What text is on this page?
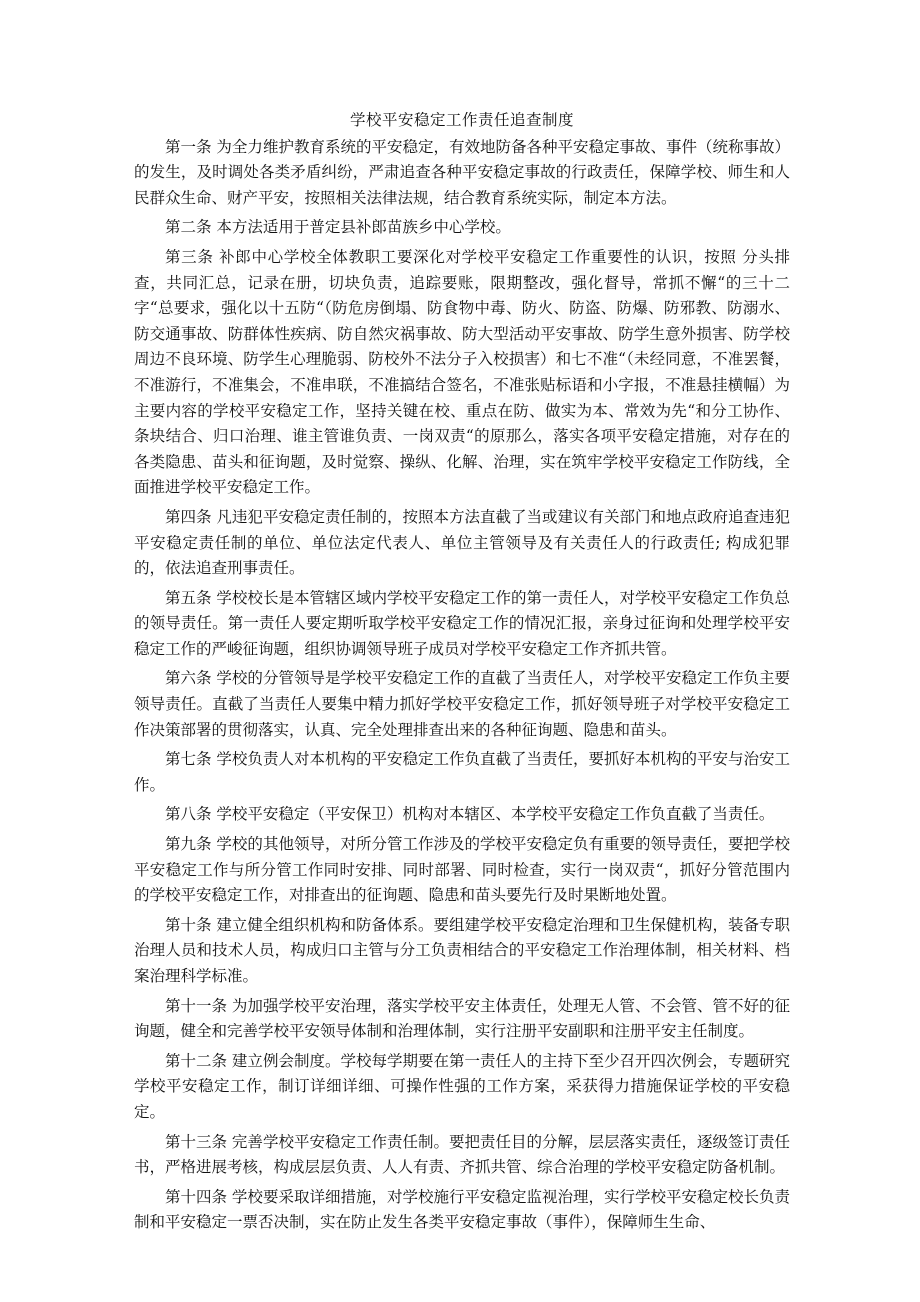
学校平安稳定工作责任追查制度

第一条 为全力维护教育系统的平安稳定，有效地防备各种平安稳定事故、事件（统称事故）的发生，及时调处各类矛盾纠纷，严肃追查各种平安稳定事故的行政责任，保障学校、师生和人民群众生命、财产平安，按照相关法律法规，结合教育系统实际，制定本方法。

第二条 本方法适用于普定县补郎苗族乡中心学校。

第三条 补郎中心学校全体教职工要深化对学校平安稳定工作重要性的认识，按照 分头排查，共同汇总，记录在册，切块负责，追踪要账，限期整改，强化督导，常抓不懈“的三十二字“总要求，强化以十五防“（防危房倒塌、防食物中毒、防火、防盗、防爆、防邪教、防溺水、防交通事故、防群体性疾病、防自然灾祸事故、防大型活动平安事故、防学生意外损害、防学校周边不良环境、防学生心理脆弱、防校外不法分子入校损害）和七不准“（未经同意，不准罢餐，不准游行，不准集会，不准串联，不准搞结合签名，不准张贴标语和小字报，不准悬挂横幅）为主要内容的学校平安稳定工作，坚持关键在校、重点在防、做实为本、常效为先“和分工协作、条块结合、归口治理、谁主管谁负责、一岗双责“的原那么，落实各项平安稳定措施，对存在的各类隐患、苗头和征询题，及时觉察、操纵、化解、治理，实在筑牢学校平安稳定工作防线，全面推进学校平安稳定工作。

第四条 凡违犯平安稳定责任制的，按照本方法直截了当或建议有关部门和地点政府追查违犯平安稳定责任制的单位、单位法定代表人、单位主管领导及有关责任人的行政责任; 构成犯罪的，依法追查刑事责任。

第五条 学校校长是本管辖区域内学校平安稳定工作的第一责任人，对学校平安稳定工作负总的领导责任。第一责任人要定期听取学校平安稳定工作的情况汇报，亲身过征询和处理学校平安稳定工作的严峻征询题，组织协调领导班子成员对学校平安稳定工作齐抓共管。

第六条 学校的分管领导是学校平安稳定工作的直截了当责任人，对学校平安稳定工作负主要领导责任。直截了当责任人要集中精力抓好学校平安稳定工作，抓好领导班子对学校平安稳定工作决策部署的贯彻落实，认真、完全处理排查出来的各种征询题、隐患和苗头。

第七条 学校负责人对本机构的平安稳定工作负直截了当责任，要抓好本机构的平安与治安工作。

第八条 学校平安稳定（平安保卫）机构对本辖区、本学校平安稳定工作负直截了当责任。

第九条 学校的其他领导，对所分管工作涉及的学校平安稳定负有重要的领导责任，要把学校平安稳定工作与所分管工作同时安排、同时部署、同时检查，实行一岗双责“，抓好分管范围内的学校平安稳定工作，对排查出的征询题、隐患和苗头要先行及时果断地处置。

第十条 建立健全组织机构和防备体系。要组建学校平安稳定治理和卫生保健机构，装备专职治理人员和技术人员，构成归口主管与分工负责相结合的平安稳定工作治理体制，相关材料、档案治理科学标准。

第十一条 为加强学校平安治理，落实学校平安主体责任，处理无人管、不会管、管不好的征询题，健全和完善学校平安领导体制和治理体制，实行注册平安副职和注册平安主任制度。

第十二条 建立例会制度。学校每学期要在第一责任人的主持下至少召开四次例会，专题研究学校平安稳定工作，制订详细详细、可操作性强的工作方案，采获得力措施保证学校的平安稳定。

第十三条 完善学校平安稳定工作责任制。要把责任目的分解，层层落实责任，逐级签订责任书，严格进展考核，构成层层负责、人人有责、齐抓共管、综合治理的学校平安稳定防备机制。

第十四条 学校要采取详细措施，对学校施行平安稳定监视治理，实行学校平安稳定校长负责制和平安稳定一票否决制，实在防止发生各类平安稳定事故（事件），保障师生生命、
